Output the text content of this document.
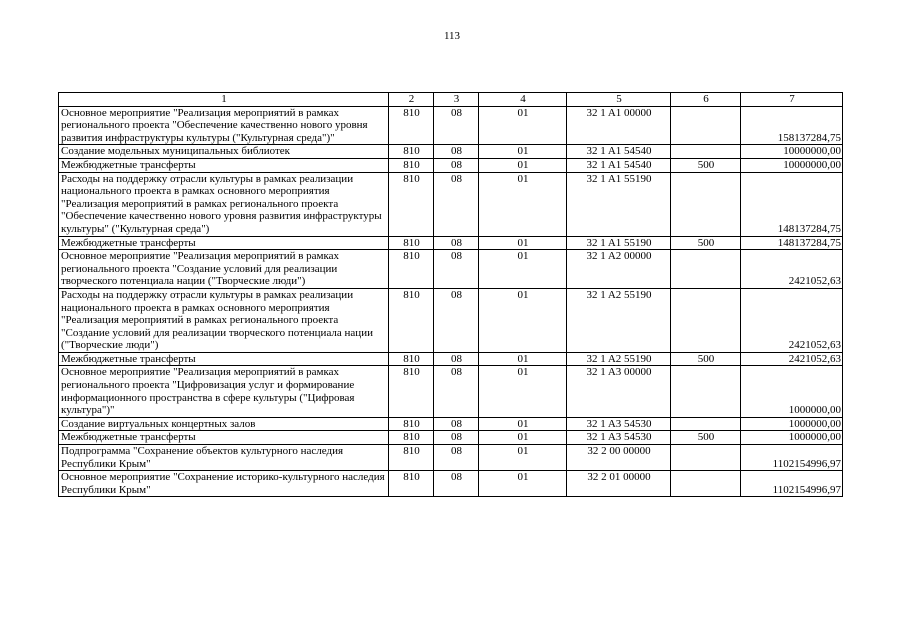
113
1	2	3	4	5	6	7
Основное мероприятие "Реализация мероприятий в рамках регионального проекта "Обеспечение качественно нового уровня развития инфраструктуры культуры ("Культурная среда")"	810	08	01	32 1 A1 00000		158137284,75
Создание модельных муниципальных библиотек	810	08	01	32 1 A1 54540		10000000,00
Межбюджетные трансферты	810	08	01	32 1 A1 54540	500	10000000,00
Расходы на поддержку отрасли культуры в рамках реализации национального проекта в рамках основного мероприятия "Реализация мероприятий в рамках регионального проекта "Обеспечение качественно нового уровня развития инфраструктуры культуры" ("Культурная среда")	810	08	01	32 1 A1 55190		148137284,75
Межбюджетные трансферты	810	08	01	32 1 A1 55190	500	148137284,75
Основное мероприятие "Реализация мероприятий в рамках регионального проекта "Создание условий для реализации творческого потенциала нации ("Творческие люди")	810	08	01	32 1 A2 00000		2421052,63
Расходы на поддержку отрасли культуры в рамках реализации национального проекта в рамках основного мероприятия "Реализация мероприятий в рамках регионального проекта "Создание условий для реализации творческого потенциала нации ("Творческие люди")	810	08	01	32 1 A2 55190		2421052,63
Межбюджетные трансферты	810	08	01	32 1 A2 55190	500	2421052,63
Основное мероприятие "Реализация мероприятий в рамках регионального проекта "Цифровизация услуг и формирование информационного пространства в сфере культуры ("Цифровая культура")"	810	08	01	32 1 A3 00000		1000000,00
Создание виртуальных концертных залов	810	08	01	32 1 A3 54530		1000000,00
Межбюджетные трансферты	810	08	01	32 1 A3 54530	500	1000000,00
Подпрограмма "Сохранение объектов культурного наследия Республики Крым"	810	08	01	32 2 00 00000		1102154996,97
Основное мероприятие "Сохранение историко-культурного наследия Республики Крым"	810	08	01	32 2 01 00000		1102154996,97
